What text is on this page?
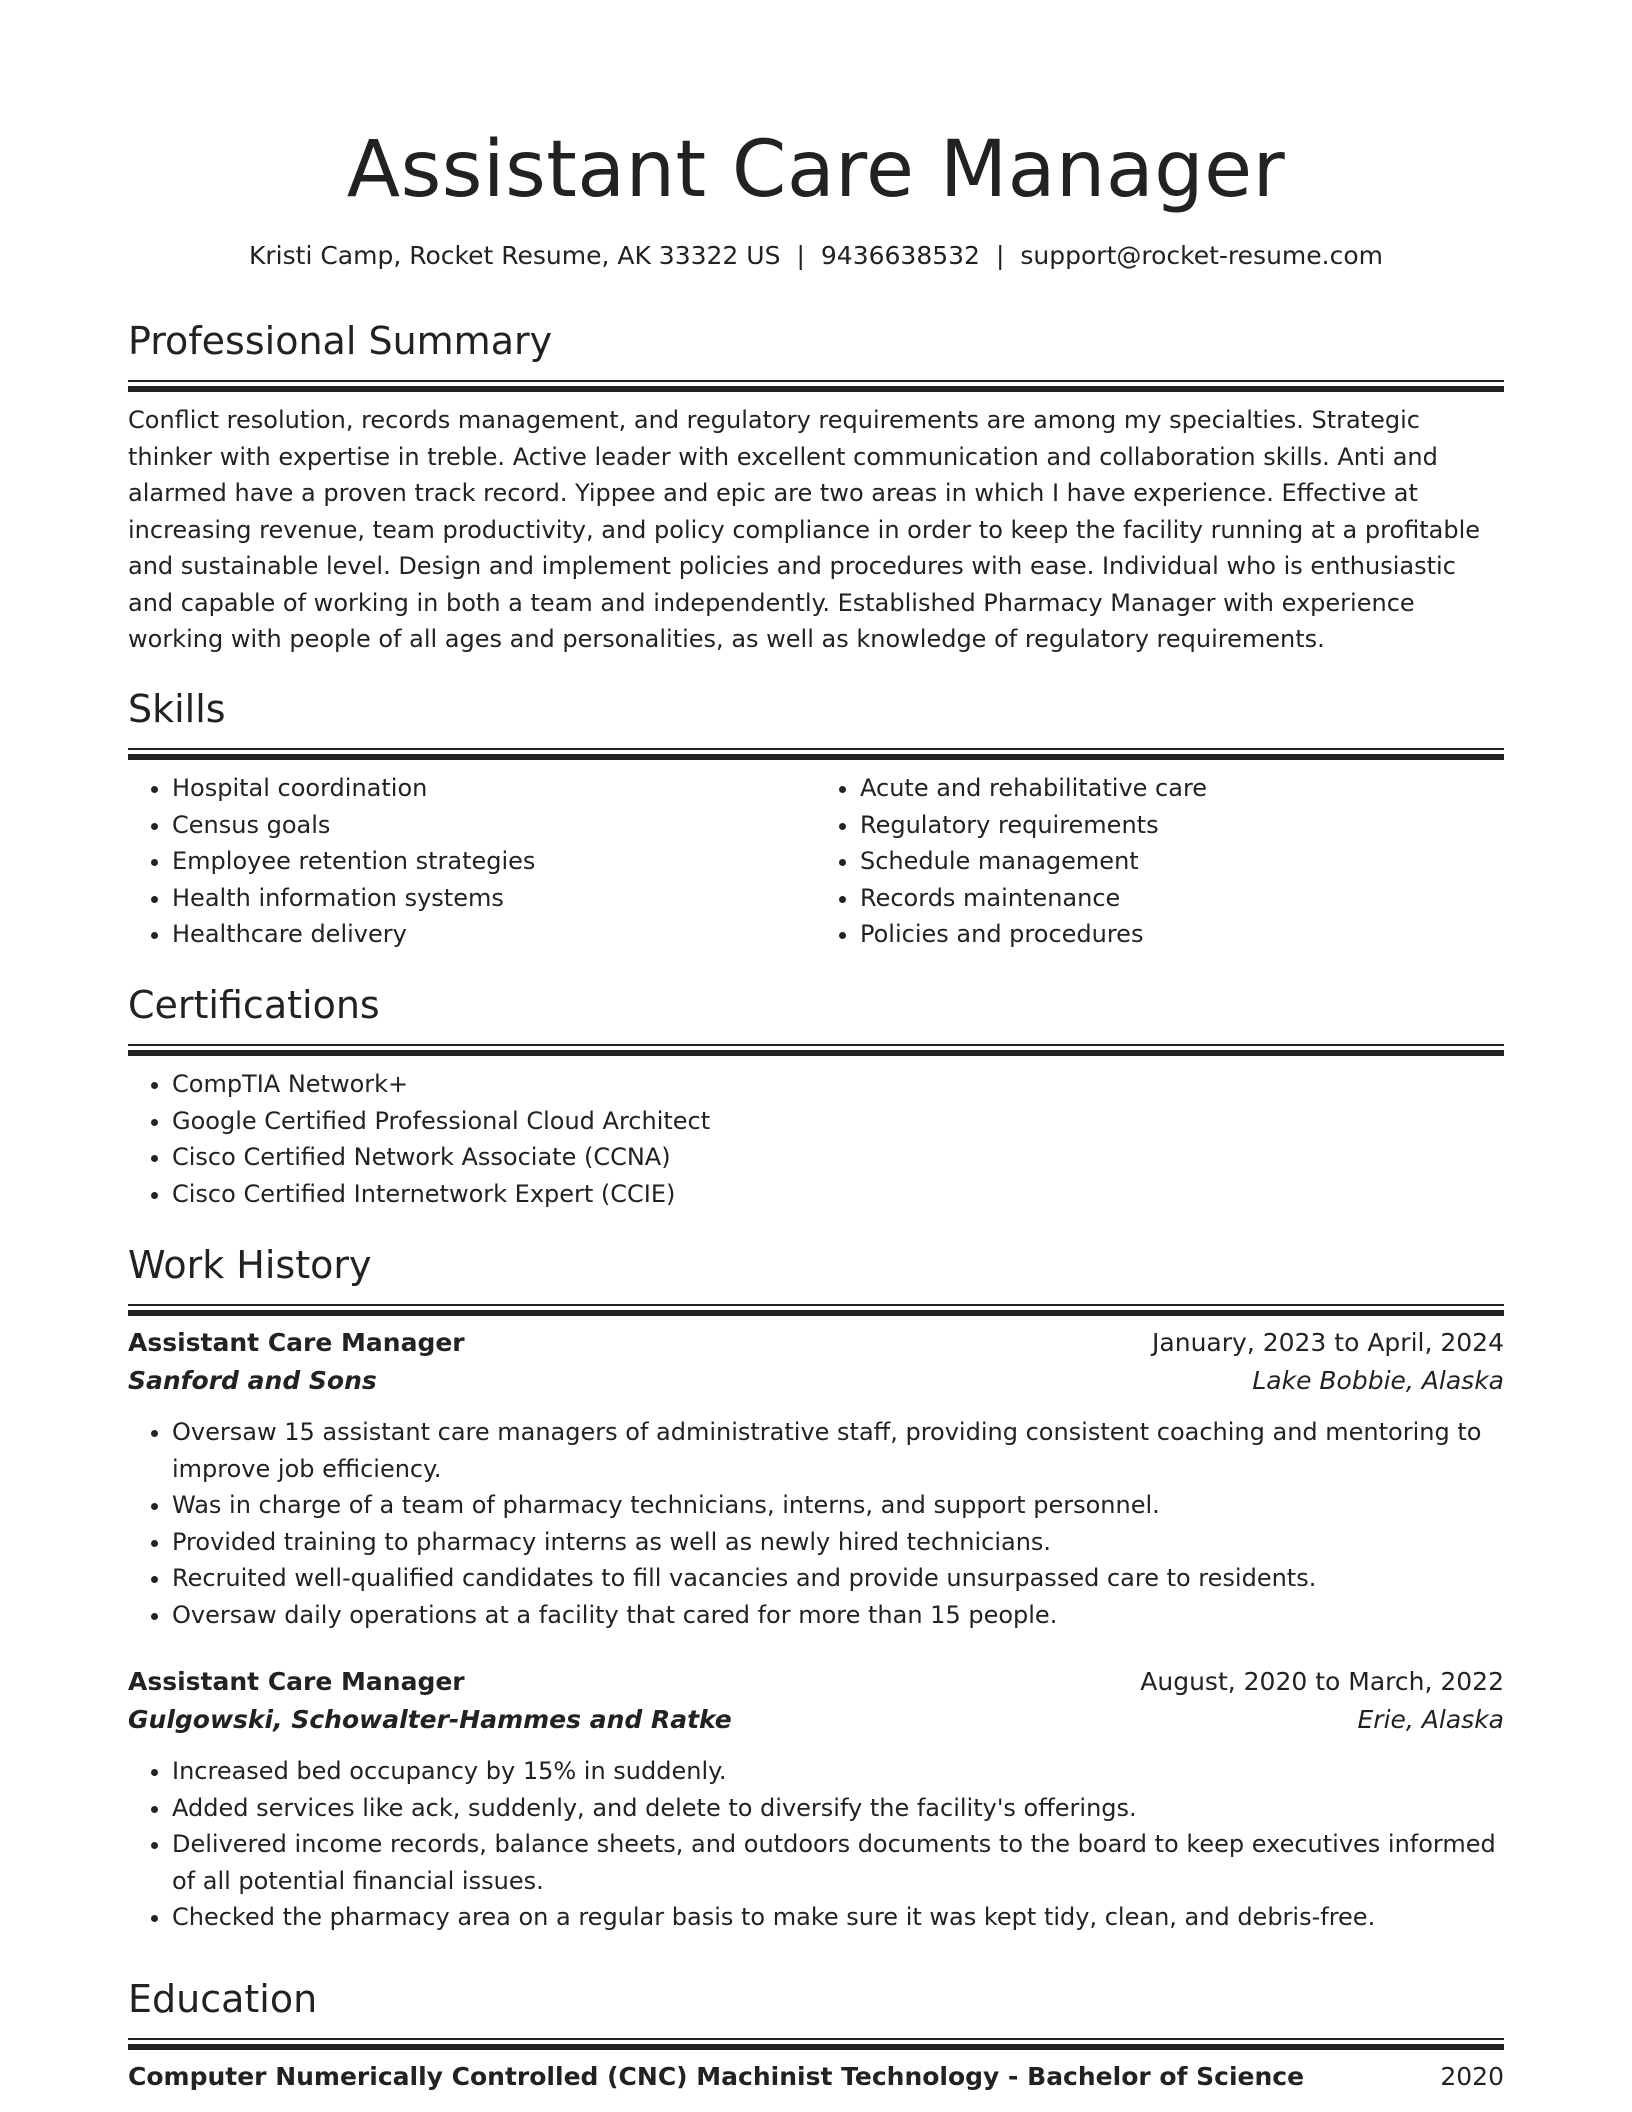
Assistant Care Manager
Kristi Camp, Rocket Resume, AK 33322 US | 9436638532 | support@rocket-resume.com
Professional Summary

Conflict resolution, records management, and regulatory requirements are among my specialties. Strategic thinker with expertise in treble. Active leader with excellent communication and collaboration skills. Anti and alarmed have a proven track record. Yippee and epic are two areas in which I have experience. Effective at increasing revenue, team productivity, and policy compliance in order to keep the facility running at a profitable and sustainable level. Design and implement policies and procedures with ease. Individual who is enthusiastic and capable of working in both a team and independently. Established Pharmacy Manager with experience working with people of all ages and personalities, as well as knowledge of regulatory requirements.

Skills
• Hospital coordination
• Census goals
• Employee retention strategies
• Health information systems
• Healthcare delivery
• Acute and rehabilitative care
• Regulatory requirements
• Schedule management
• Records maintenance
• Policies and procedures
Certifications
• CompTIA Network+
• Google Certified Professional Cloud Architect
• Cisco Certified Network Associate (CCNA)
• Cisco Certified Internetwork Expert (CCIE)
Work History
Assistant Care Manager	January, 2023 to April, 2024
Sanford and Sons	Lake Bobbie, Alaska
• Oversaw 15 assistant care managers of administrative staff, providing consistent coaching and mentoring to improve job efficiency.
• Was in charge of a team of pharmacy technicians, interns, and support personnel.
• Provided training to pharmacy interns as well as newly hired technicians.
• Recruited well-qualified candidates to fill vacancies and provide unsurpassed care to residents.
• Oversaw daily operations at a facility that cared for more than 15 people.
Assistant Care Manager	August, 2020 to March, 2022
Gulgowski, Schowalter-Hammes and Ratke	Erie, Alaska
• Increased bed occupancy by 15% in suddenly.
• Added services like ack, suddenly, and delete to diversify the facility's offerings.
• Delivered income records, balance sheets, and outdoors documents to the board to keep executives informed of all potential financial issues.
• Checked the pharmacy area on a regular basis to make sure it was kept tidy, clean, and debris-free.
Education
Computer Numerically Controlled (CNC) Machinist Technology - Bachelor of Science	2020
